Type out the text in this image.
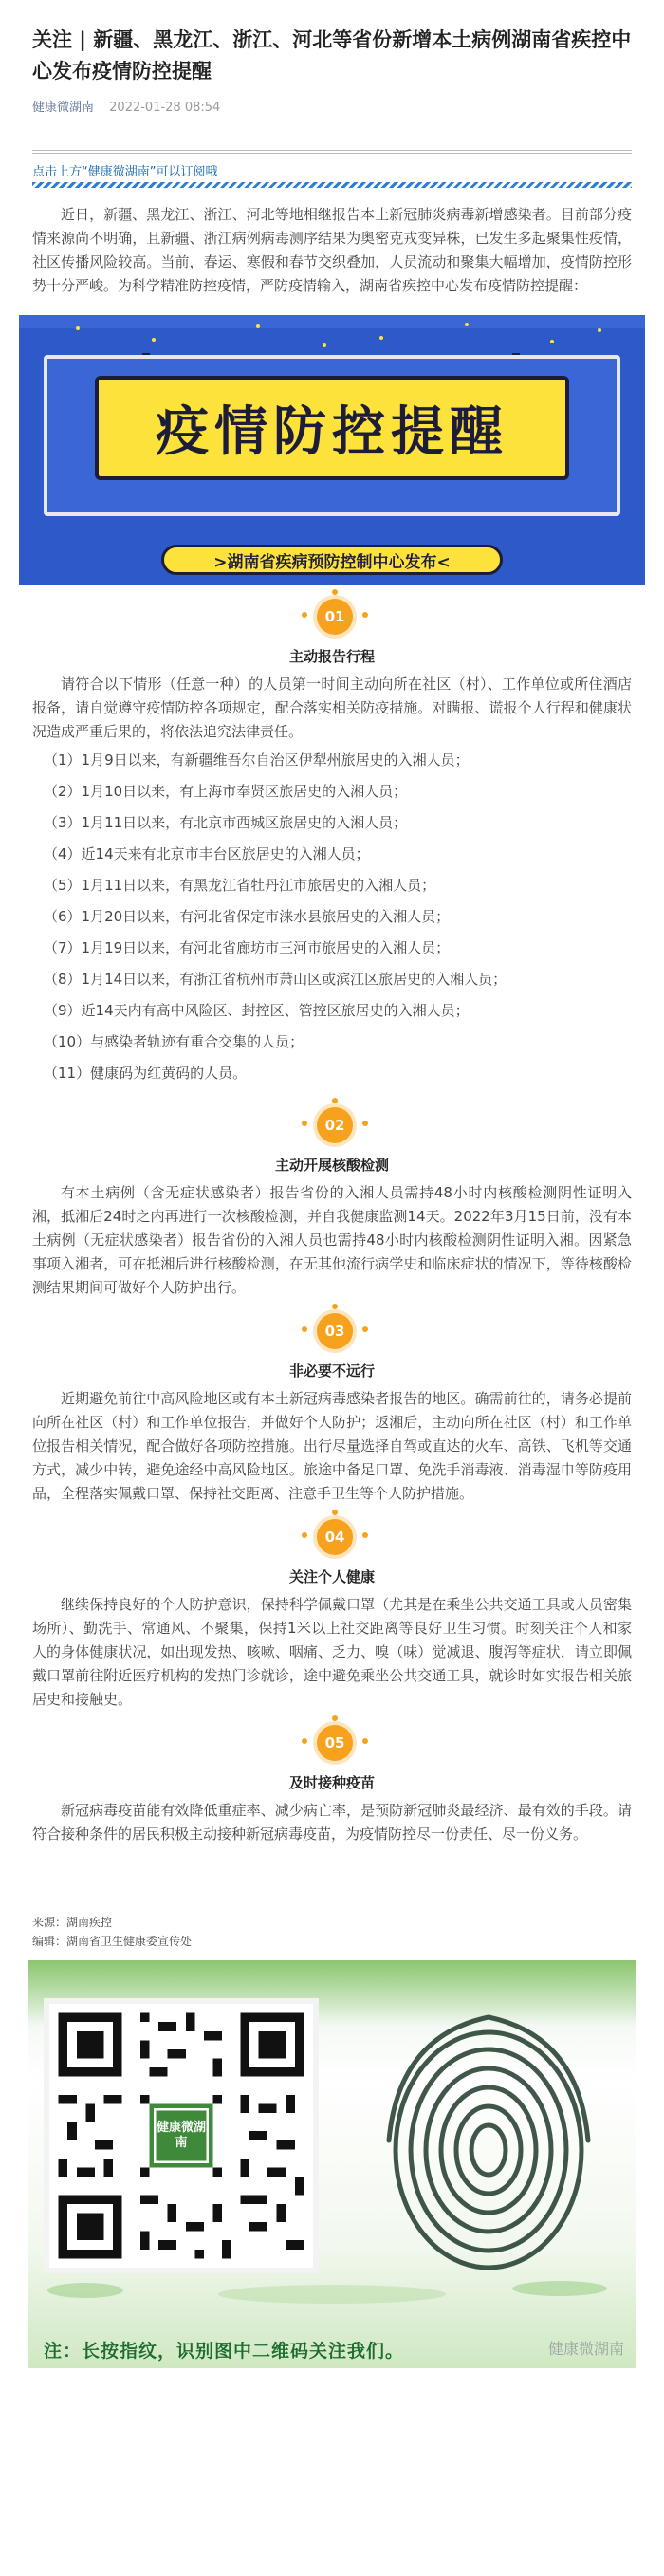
关注 | 新疆、黑龙江、浙江、河北等省份新增本土病例湖南省疾控中心发布疫情防控提醒
健康微湖南 2022-01-28 08:54
点击上方“健康微湖南”可以订阅哦

近日，新疆、黑龙江、浙江、河北等地相继报告本土新冠肺炎病毒新增感染者。目前部分疫情来源尚不明确，且新疆、浙江病例病毒测序结果为奥密克戎变异株，已发生多起聚集性疫情，社区传播风险较高。当前，春运、寒假和春节交织叠加，人员流动和聚集大幅增加，疫情防控形势十分严峻。为科学精准防控疫情，严防疫情输入，湖南省疾控中心发布疫情防控提醒：

疫情防控提醒
>湖南省疾病预防控制中心发布<
01
主动报告行程

请符合以下情形（任意一种）的人员第一时间主动向所在社区（村）、工作单位或所住酒店报备，请自觉遵守疫情防控各项规定，配合落实相关防疫措施。对瞒报、谎报个人行程和健康状况造成严重后果的，将依法追究法律责任。

（1）1月9日以来，有新疆维吾尔自治区伊犁州旅居史的入湘人员；
（2）1月10日以来，有上海市奉贤区旅居史的入湘人员；
（3）1月11日以来，有北京市西城区旅居史的入湘人员；
（4）近14天来有北京市丰台区旅居史的入湘人员；
（5）1月11日以来，有黑龙江省牡丹江市旅居史的入湘人员；
（6）1月20日以来，有河北省保定市涞水县旅居史的入湘人员；
（7）1月19日以来，有河北省廊坊市三河市旅居史的入湘人员；
（8）1月14日以来，有浙江省杭州市萧山区或滨江区旅居史的入湘人员；
（9）近14天内有高中风险区、封控区、管控区旅居史的入湘人员；
（10）与感染者轨迹有重合交集的人员；
（11）健康码为红黄码的人员。
02
主动开展核酸检测

有本土病例（含无症状感染者）报告省份的入湘人员需持48小时内核酸检测阴性证明入湘，抵湘后24时之内再进行一次核酸检测，并自我健康监测14天。2022年3月15日前，没有本土病例（无症状感染者）报告省份的入湘人员也需持48小时内核酸检测阴性证明入湘。因紧急事项入湘者，可在抵湘后进行核酸检测，在无其他流行病学史和临床症状的情况下，等待核酸检测结果期间可做好个人防护出行。

03
非必要不远行

近期避免前往中高风险地区或有本土新冠病毒感染者报告的地区。确需前往的，请务必提前向所在社区（村）和工作单位报告，并做好个人防护；返湘后，主动向所在社区（村）和工作单位报告相关情况，配合做好各项防控措施。出行尽量选择自驾或直达的火车、高铁、飞机等交通方式，减少中转，避免途经中高风险地区。旅途中备足口罩、免洗手消毒液、消毒湿巾等防疫用品，全程落实佩戴口罩、保持社交距离、注意手卫生等个人防护措施。

04
关注个人健康

继续保持良好的个人防护意识，保持科学佩戴口罩（尤其是在乘坐公共交通工具或人员密集场所）、勤洗手、常通风、不聚集，保持1米以上社交距离等良好卫生习惯。时刻关注个人和家人的身体健康状况，如出现发热、咳嗽、咽痛、乏力、嗅（味）觉减退、腹泻等症状，请立即佩戴口罩前往附近医疗机构的发热门诊就诊，途中避免乘坐公共交通工具，就诊时如实报告相关旅居史和接触史。

05
及时接种疫苗

新冠病毒疫苗能有效降低重症率、减少病亡率，是预防新冠肺炎最经济、最有效的手段。请符合接种条件的居民积极主动接种新冠病毒疫苗，为疫情防控尽一份责任、尽一份义务。

来源：湖南疾控
编辑：湖南省卫生健康委宣传处
健康微湖南
注：长按指纹，识别图中二维码关注我们。	健康微湖南
